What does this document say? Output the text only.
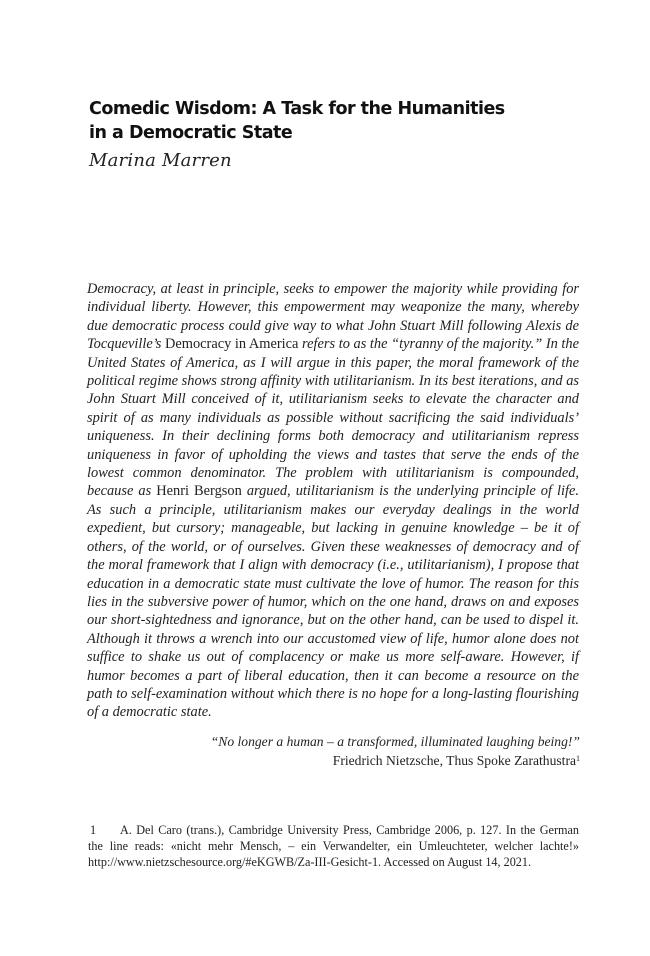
Comedic Wisdom: A Task for the Humanities
in a Democratic State
Marina Marren

Democracy, at least in principle, seeks to empower the majority while providing for individual liberty. However, this empowerment may weaponize the many, whereby due democratic process could give way to what John Stuart Mill following Alexis de Tocqueville’s Democracy in America refers to as the “tyranny of the majority.” In the United States of America, as I will argue in this paper, the moral framework of the political regime shows strong affinity with utilitarianism. In its best iterations, and as John Stuart Mill conceived of it, utilitarianism seeks to elevate the character and spirit of as many individuals as possible without sacrificing the said individuals’ uniqueness. In their declining forms both democracy and utilitarianism repress uniqueness in favor of upholding the views and tastes that serve the ends of the lowest common denominator. The problem with utilitarianism is compounded, because as Henri Bergson argued, utilitarianism is the underlying principle of life. As such a principle, utilitarianism makes our everyday dealings in the world expedient, but cursory; manageable, but lacking in genuine knowledge – be it of others, of the world, or of ourselves. Given these weaknesses of democracy and of the moral framework that I align with democracy (i.e., utilitarianism), I propose that education in a democratic state must cultivate the love of humor. The reason for this lies in the subversive power of humor, which on the one hand, draws on and exposes our short-sightedness and ignorance, but on the other hand, can be used to dispel it. Although it throws a wrench into our accustomed view of life, humor alone does not suffice to shake us out of complacency or make us more self-aware. However, if humor becomes a part of liberal education, then it can become a resource on the path to self-examination without which there is no hope for a long-lasting flourishing of a democratic state.

“No longer a human – a transformed, illuminated laughing being!”
Friedrich Nietzsche, Thus Spoke Zarathustra$^1$

1 A. Del Caro (trans.), Cambridge University Press, Cambridge 2006, p. 127. In the German the line reads: «nicht mehr Mensch, – ein Verwandelter, ein Umleuchteter, welcher lachte!» http://www.nietzschesource.org/#eKGWB/Za-III-Gesicht-1. Accessed on August 14, 2021.
